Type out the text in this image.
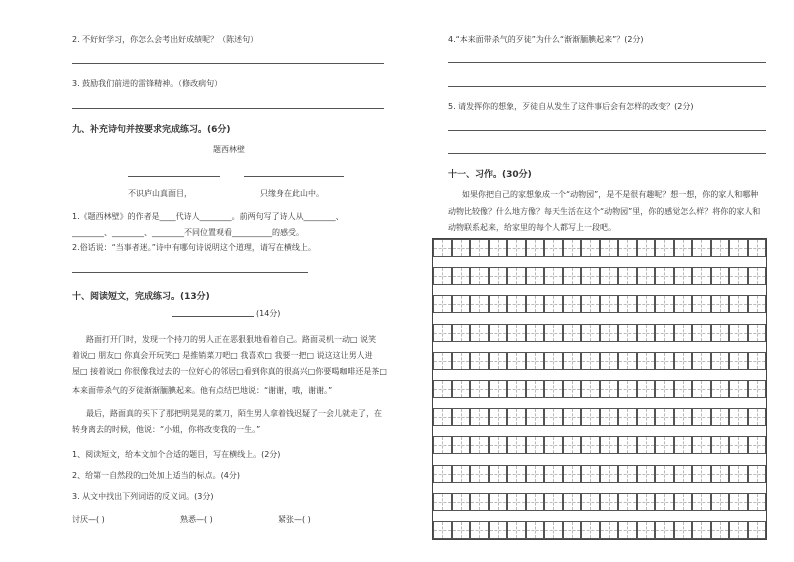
2. 不好好学习，你怎么会考出好成绩呢？（陈述句）
3. 鼓励我们前进的雷锋精神。（修改病句）
九、补充诗句并按要求完成练习。(6分)
题西林壁
不识庐山真面目，	只缘身在此山中。
1.《题西林壁》的作者是____代诗人________。前两句写了诗人从________、
________、________、________不同位置观看__________的感受。
2.俗话说：“当事者迷。”诗中有哪句诗说明这个道理，请写在横线上。
十、阅读短文，完成练习。(13分)
(14分)
路面打开门时，发现一个持刀的男人正在恶狠狠地看着自己。路面灵机一动□ 说笑
着说□ 朋友□ 你真会开玩笑□ 是推销菜刀吧□ 我喜欢□ 我要一把□ 说这这让男人进
屋□ 接着说□ 你很像我过去的一位好心的邻居□看到你真的很高兴□你要喝咖啡还是茶□
本来面带杀气的歹徒渐渐腼腆起来。他有点结巴地说：“谢谢，哦，谢谢。”
最后，路面真的买下了那把明晃晃的菜刀，陌生男人拿着钱迟疑了一会儿就走了，在
转身离去的时候，他说：“小姐，你将改变我的一生。”
1、阅读短文，给本文加个合适的题目，写在横线上。(2分)
2、给第一自然段的□处加上适当的标点。(4分)
3. 从文中找出下列词语的反义词。(3分)
讨厌—( )	熟悉—( )	紧张—( )
4.“本来面带杀气的歹徒”为什么“渐渐腼腆起来”？(2分)
5. 请发挥你的想象，歹徒自从发生了这件事后会有怎样的改变？(2分)
十一、习作。(30分)
如果你把自己的家想象成一个“动物园”，是不是很有趣呢？想一想，你的家人和哪种
动物比较像？什么地方像？每天生活在这个“动物园”里，你的感觉怎么样？将你的家人和
动物联系起来，给家里的每个人都写上一段吧。
